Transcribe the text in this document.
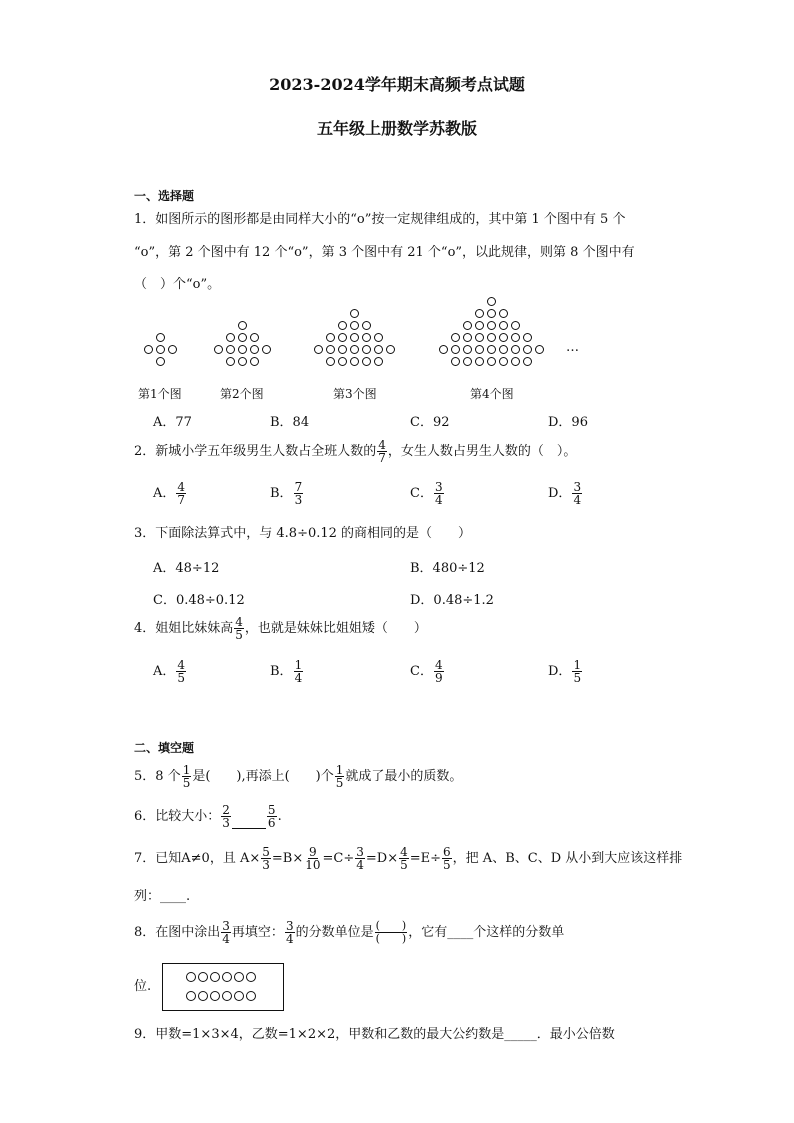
2023-2024学年期末高频考点试题
五年级上册数学苏教版
一、选择题
1．如图所示的图形都是由同样大小的“o”按一定规律组成的，其中第 1 个图中有 5 个
“o”，第 2 个图中有 12 个“o”，第 3 个图中有 21 个“o”，以此规律，则第 8 个图中有
（　）个“o”。
第1个图	第2个图	第3个图	第4个图
…
A．77	B．84	C．92	D．96
2．新城小学五年级男生人数占全班人数的 $\frac{4}{7}$ ，女生人数占男生人数的（　）。
A． $\frac{4}{7}$	B． $\frac{7}{3}$	C． $\frac{3}{4}$	D． $\frac{3}{4}$
3．下面除法算式中，与 4.8÷0.12 的商相同的是（　　）
A．48÷12	B．480÷12
C．0.48÷0.12	D．0.48÷1.2
4．姐姐比妹妹高 $\frac{4}{5}$ ，也就是妹妹比姐姐矮（　　）
A． $\frac{4}{5}$	B． $\frac{1}{4}$	C． $\frac{4}{9}$	D． $\frac{1}{5}$
二、填空题
5．8 个 $\frac{1}{5}$ 是(　　),再添上(　　)个 $\frac{1}{5}$ 就成了最小的质数。
6．比较大小： $\frac{2}{3}$	$\frac{5}{6}$ .
7．已知A≠0，且 $A\times \frac{5}{3} =B\times \frac{9}{10} =C\div \frac{3}{4} =D\times \frac{4}{5} =E\div \frac{6}{5}$ ，把 A、B、C、D 从小到大应该这样排
列：____.
8．在图中涂出 $\frac{3}{4}$ 再填空： $\frac{3}{4}$ 的分数单位是 $\frac{( )}{( )}$ ，它有____个这样的分数单
位.
9．甲数=1×3×4，乙数=1×2×2，甲数和乙数的最大公约数是_____．最小公倍数
